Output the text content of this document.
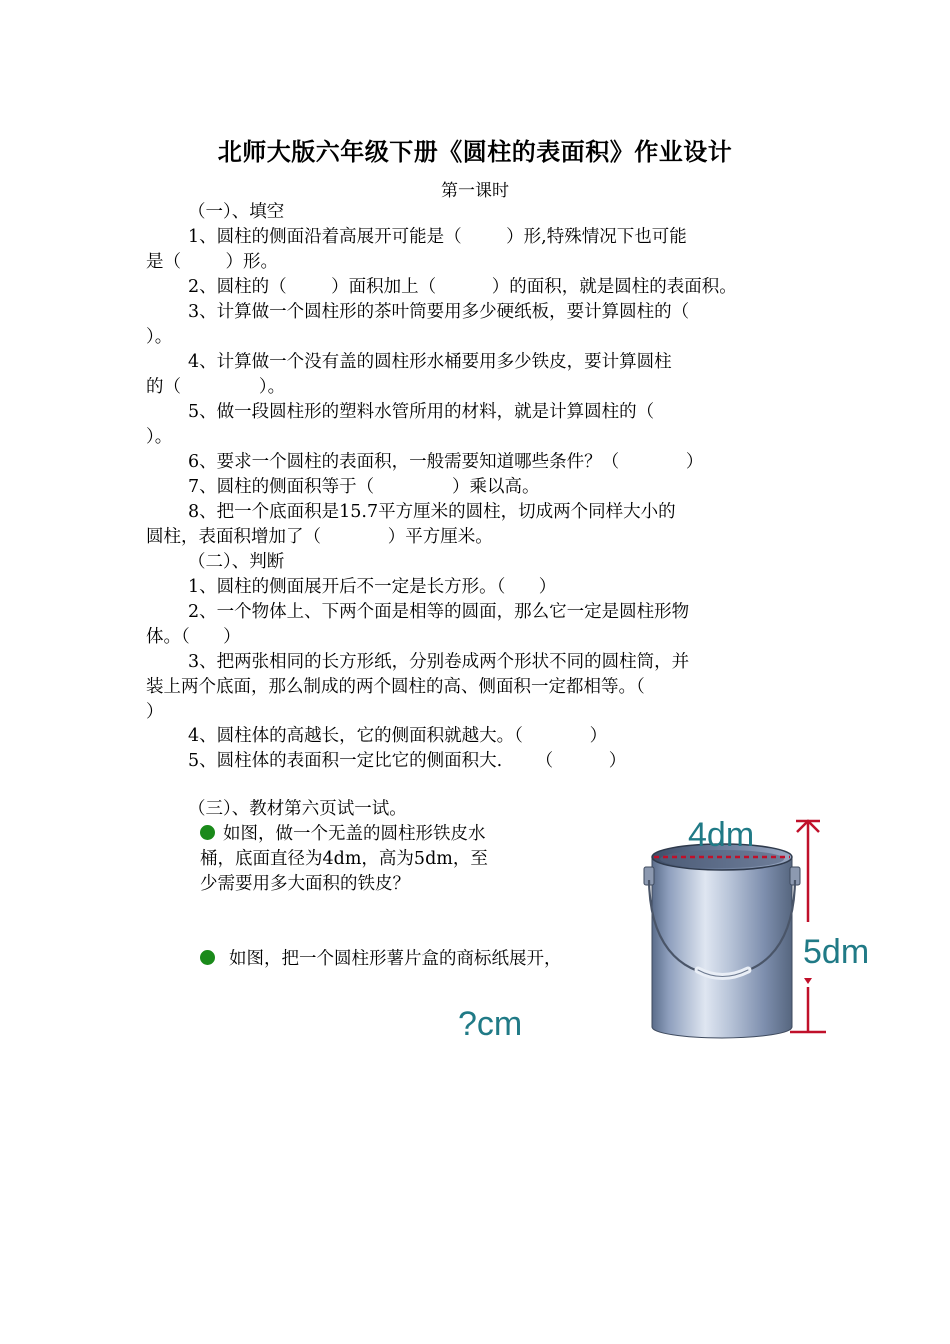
北师大版六年级下册《圆柱的表面积》作业设计
第一课时
（一）、填空
1、圆柱的侧面沿着高展开可能是（        ）形,特殊情况下也可能
是（        ）形。
2、圆柱的（        ）面积加上（          ）的面积，就是圆柱的表面积。
3、计算做一个圆柱形的茶叶筒要用多少硬纸板，要计算圆柱的（
）。
4、计算做一个没有盖的圆柱形水桶要用多少铁皮，要计算圆柱
的（              ）。
5、做一段圆柱形的塑料水管所用的材料，就是计算圆柱的（
）。
6、要求一个圆柱的表面积，一般需要知道哪些条件？（            ）
7、圆柱的侧面积等于（              ）乘以高。
8、把一个底面积是15.7平方厘米的圆柱，切成两个同样大小的
圆柱，表面积增加了（            ）平方厘米。
（二）、判断
1、圆柱的侧面展开后不一定是长方形。（      ）
2、一个物体上、下两个面是相等的圆面，那么它一定是圆柱形物
体。（      ）
3、把两张相同的长方形纸，分别卷成两个形状不同的圆柱筒，并
装上两个底面，那么制成的两个圆柱的高、侧面积一定都相等。（
）
4、圆柱体的高越长，它的侧面积就越大。（            ）
5、圆柱体的表面积一定比它的侧面积大.      （          ）
（三）、教材第六页试一试。
如图，做一个无盖的圆柱形铁皮水
桶，底面直径为4dm，高为5dm，至
少需要用多大面积的铁皮？
如图，把一个圆柱形薯片盒的商标纸展开，
?cm
4dm
5dm
